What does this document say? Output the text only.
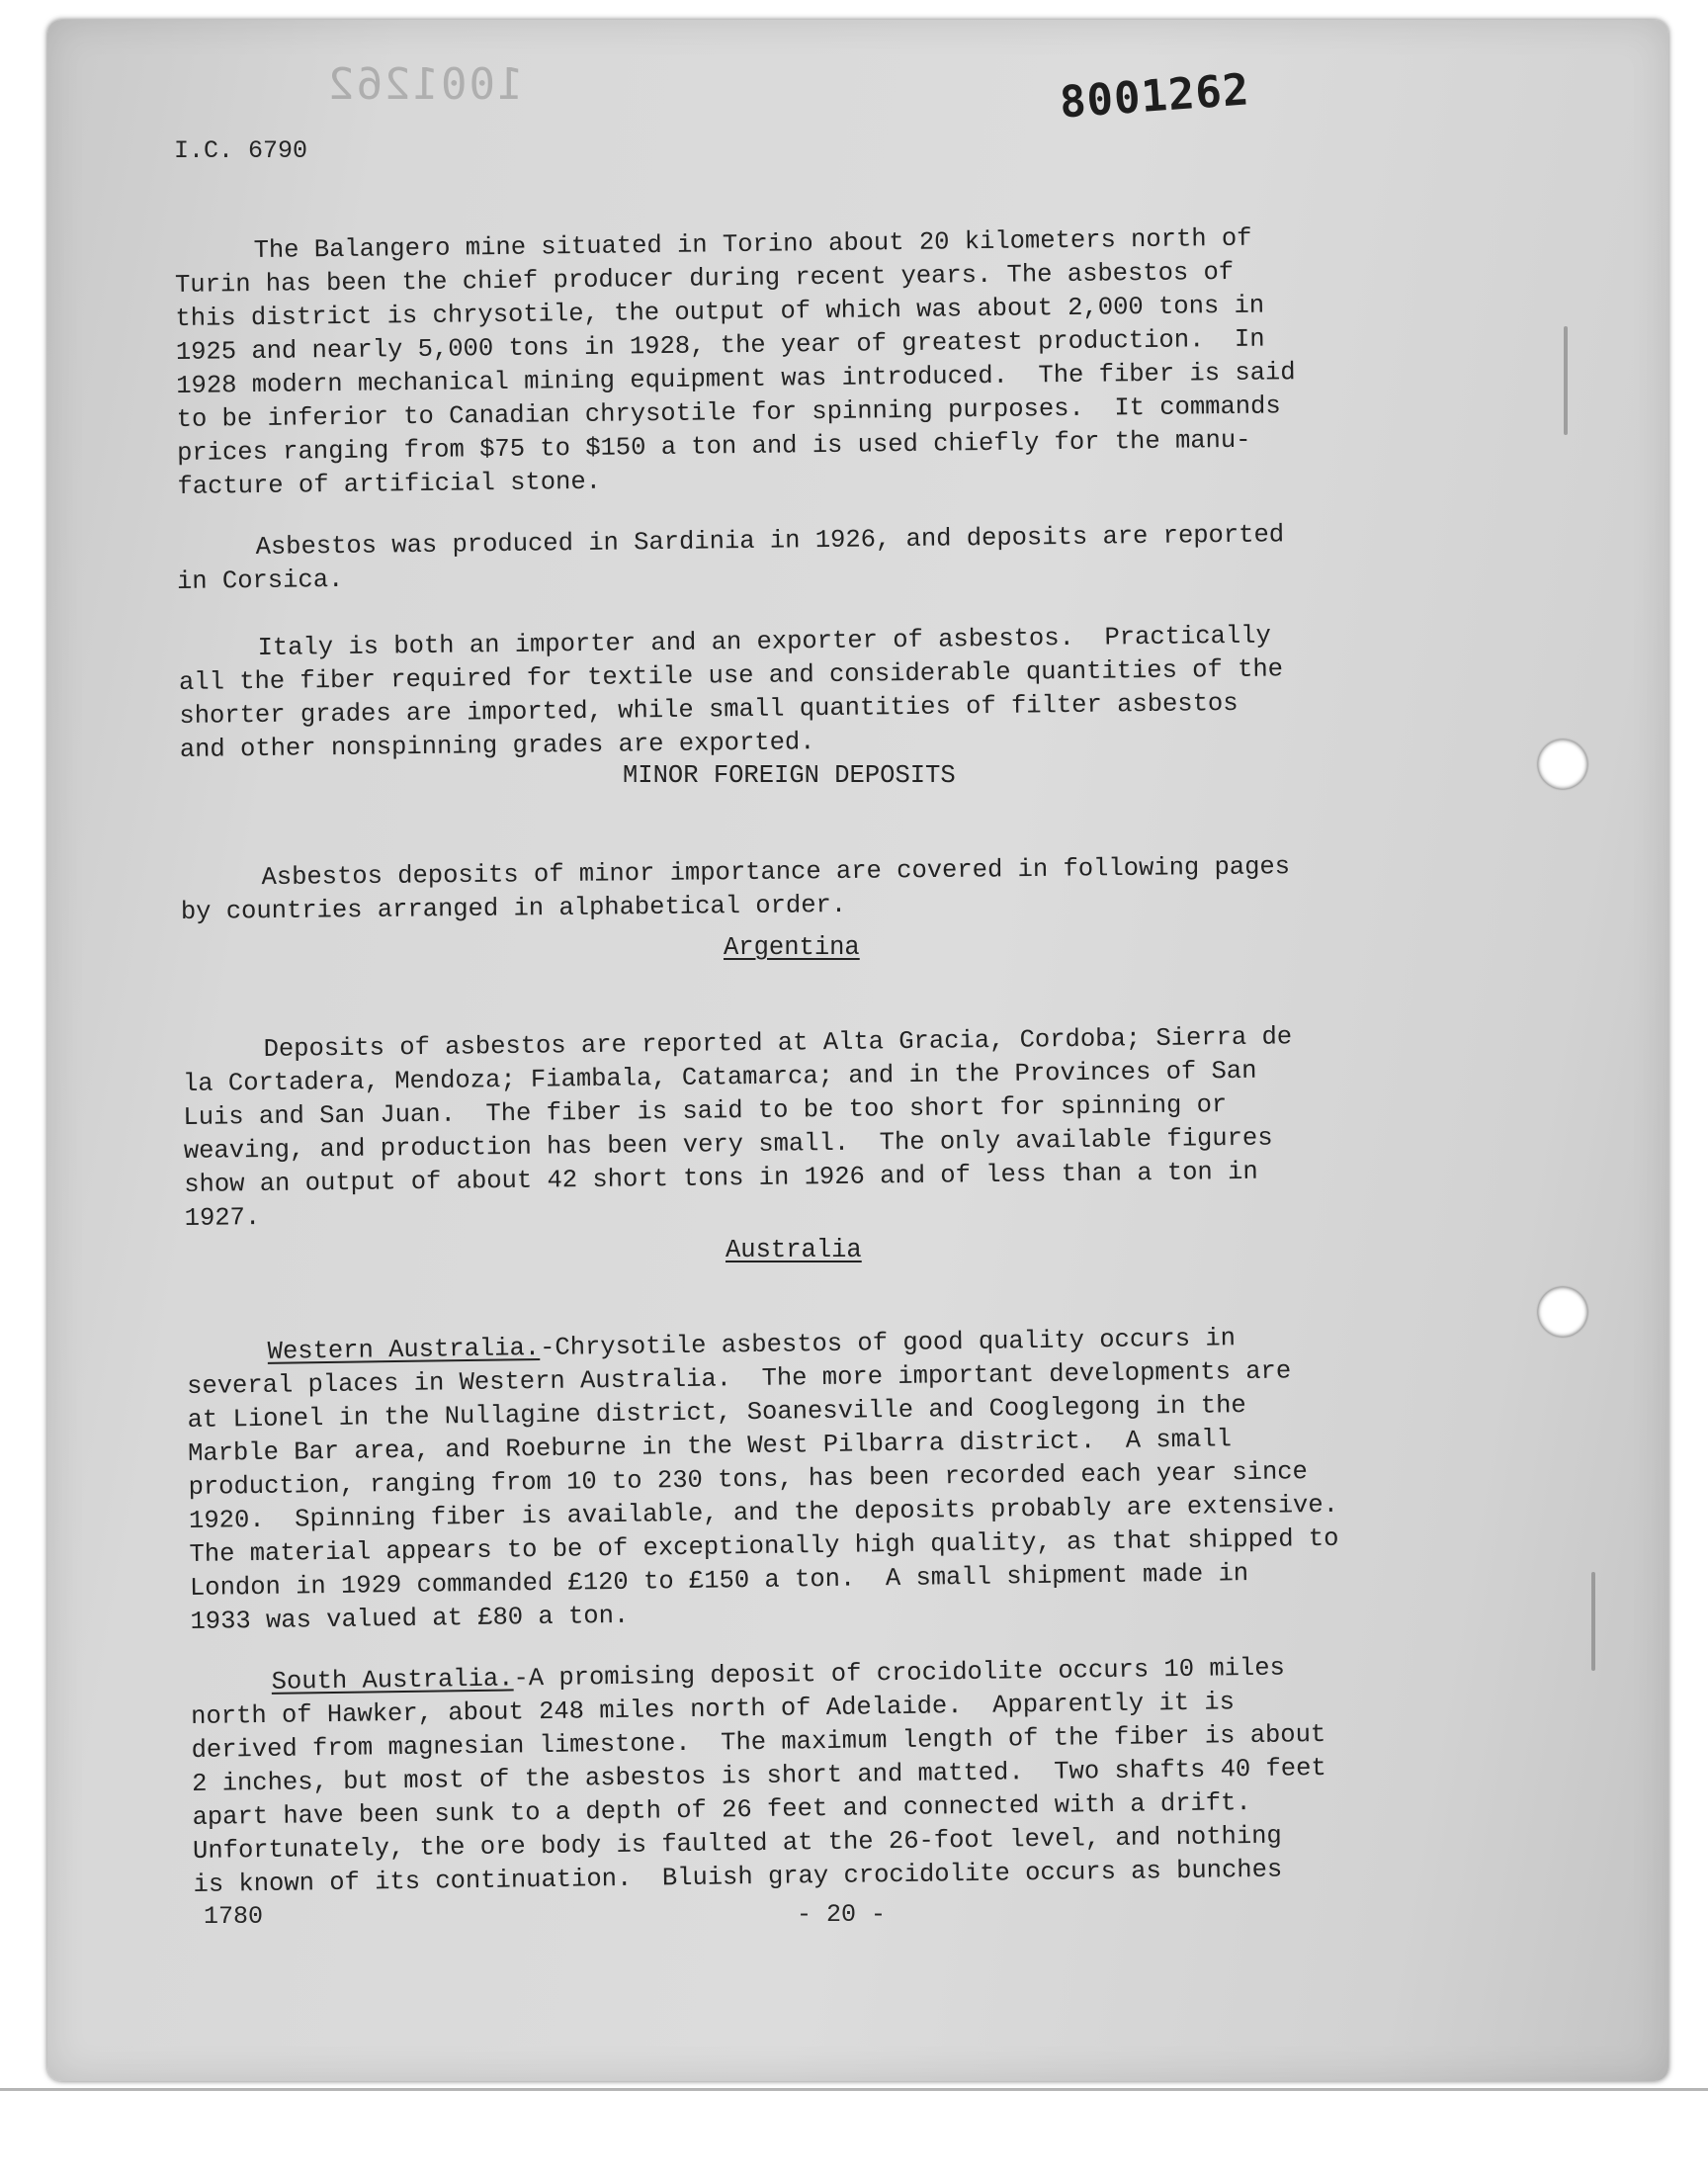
1001262	8001262
I.C. 6790

The Balangero mine situated in Torino about 20 kilometers north of
Turin has been the chief producer during recent years. The asbestos of
this district is chrysotile, the output of which was about 2,000 tons in
1925 and nearly 5,000 tons in 1928, the year of greatest production.  In
1928 modern mechanical mining equipment was introduced.  The fiber is said
to be inferior to Canadian chrysotile for spinning purposes.  It commands
prices ranging from $75 to $150 a ton and is used chiefly for the manu-
facture of artificial stone.

Asbestos was produced in Sardinia in 1926, and deposits are reported
in Corsica.

Italy is both an importer and an exporter of asbestos.  Practically
all the fiber required for textile use and considerable quantities of the
shorter grades are imported, while small quantities of filter asbestos
and other nonspinning grades are exported.

MINOR FOREIGN DEPOSITS

Asbestos deposits of minor importance are covered in following pages
by countries arranged in alphabetical order.

Argentina

Deposits of asbestos are reported at Alta Gracia, Cordoba; Sierra de
la Cortadera, Mendoza; Fiambala, Catamarca; and in the Provinces of San
Luis and San Juan.  The fiber is said to be too short for spinning or
weaving, and production has been very small.  The only available figures
show an output of about 42 short tons in 1926 and of less than a ton in
1927.

Australia

Western Australia.-Chrysotile asbestos of good quality occurs in
several places in Western Australia.  The more important developments are
at Lionel in the Nullagine district, Soanesville and Cooglegong in the
Marble Bar area, and Roeburne in the West Pilbarra district.  A small
production, ranging from 10 to 230 tons, has been recorded each year since
1920.  Spinning fiber is available, and the deposits probably are extensive.
The material appears to be of exceptionally high quality, as that shipped to
London in 1929 commanded £120 to £150 a ton.  A small shipment made in
1933 was valued at £80 a ton.

South Australia.-A promising deposit of crocidolite occurs 10 miles
north of Hawker, about 248 miles north of Adelaide.  Apparently it is
derived from magnesian limestone.  The maximum length of the fiber is about
2 inches, but most of the asbestos is short and matted.  Two shafts 40 feet
apart have been sunk to a depth of 26 feet and connected with a drift.
Unfortunately, the ore body is faulted at the 26-foot level, and nothing
is known of its continuation.  Bluish gray crocidolite occurs as bunches

1780	- 20 -
